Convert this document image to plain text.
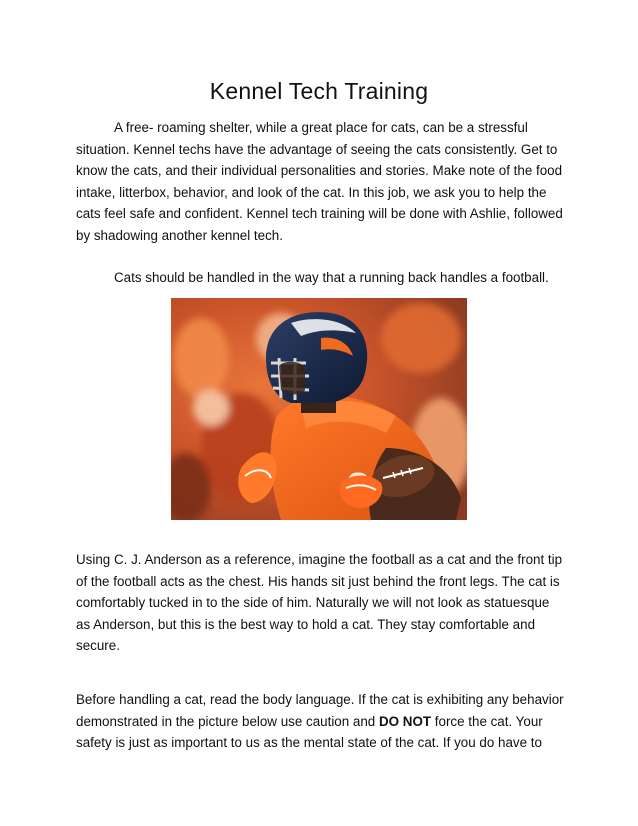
Kennel Tech Training

A free- roaming shelter, while a great place for cats, can be a stressful situation. Kennel techs have the advantage of seeing the cats consistently. Get to know the cats, and their individual personalities and stories. Make note of the food intake, litterbox, behavior, and look of the cat. In this job, we ask you to help the cats feel safe and confident. Kennel tech training will be done with Ashlie, followed by shadowing another kennel tech.

Cats should be handled in the way that a running back handles a football.

Using C. J. Anderson as a reference, imagine the football as a cat and the front tip of the football acts as the chest. His hands sit just behind the front legs. The cat is comfortably tucked in to the side of him. Naturally we will not look as statuesque as Anderson, but this is the best way to hold a cat. They stay comfortable and secure.

Before handling a cat, read the body language. If the cat is exhibiting any behavior demonstrated in the picture below use caution and DO NOT force the cat. Your safety is just as important to us as the mental state of the cat. If you do have to
